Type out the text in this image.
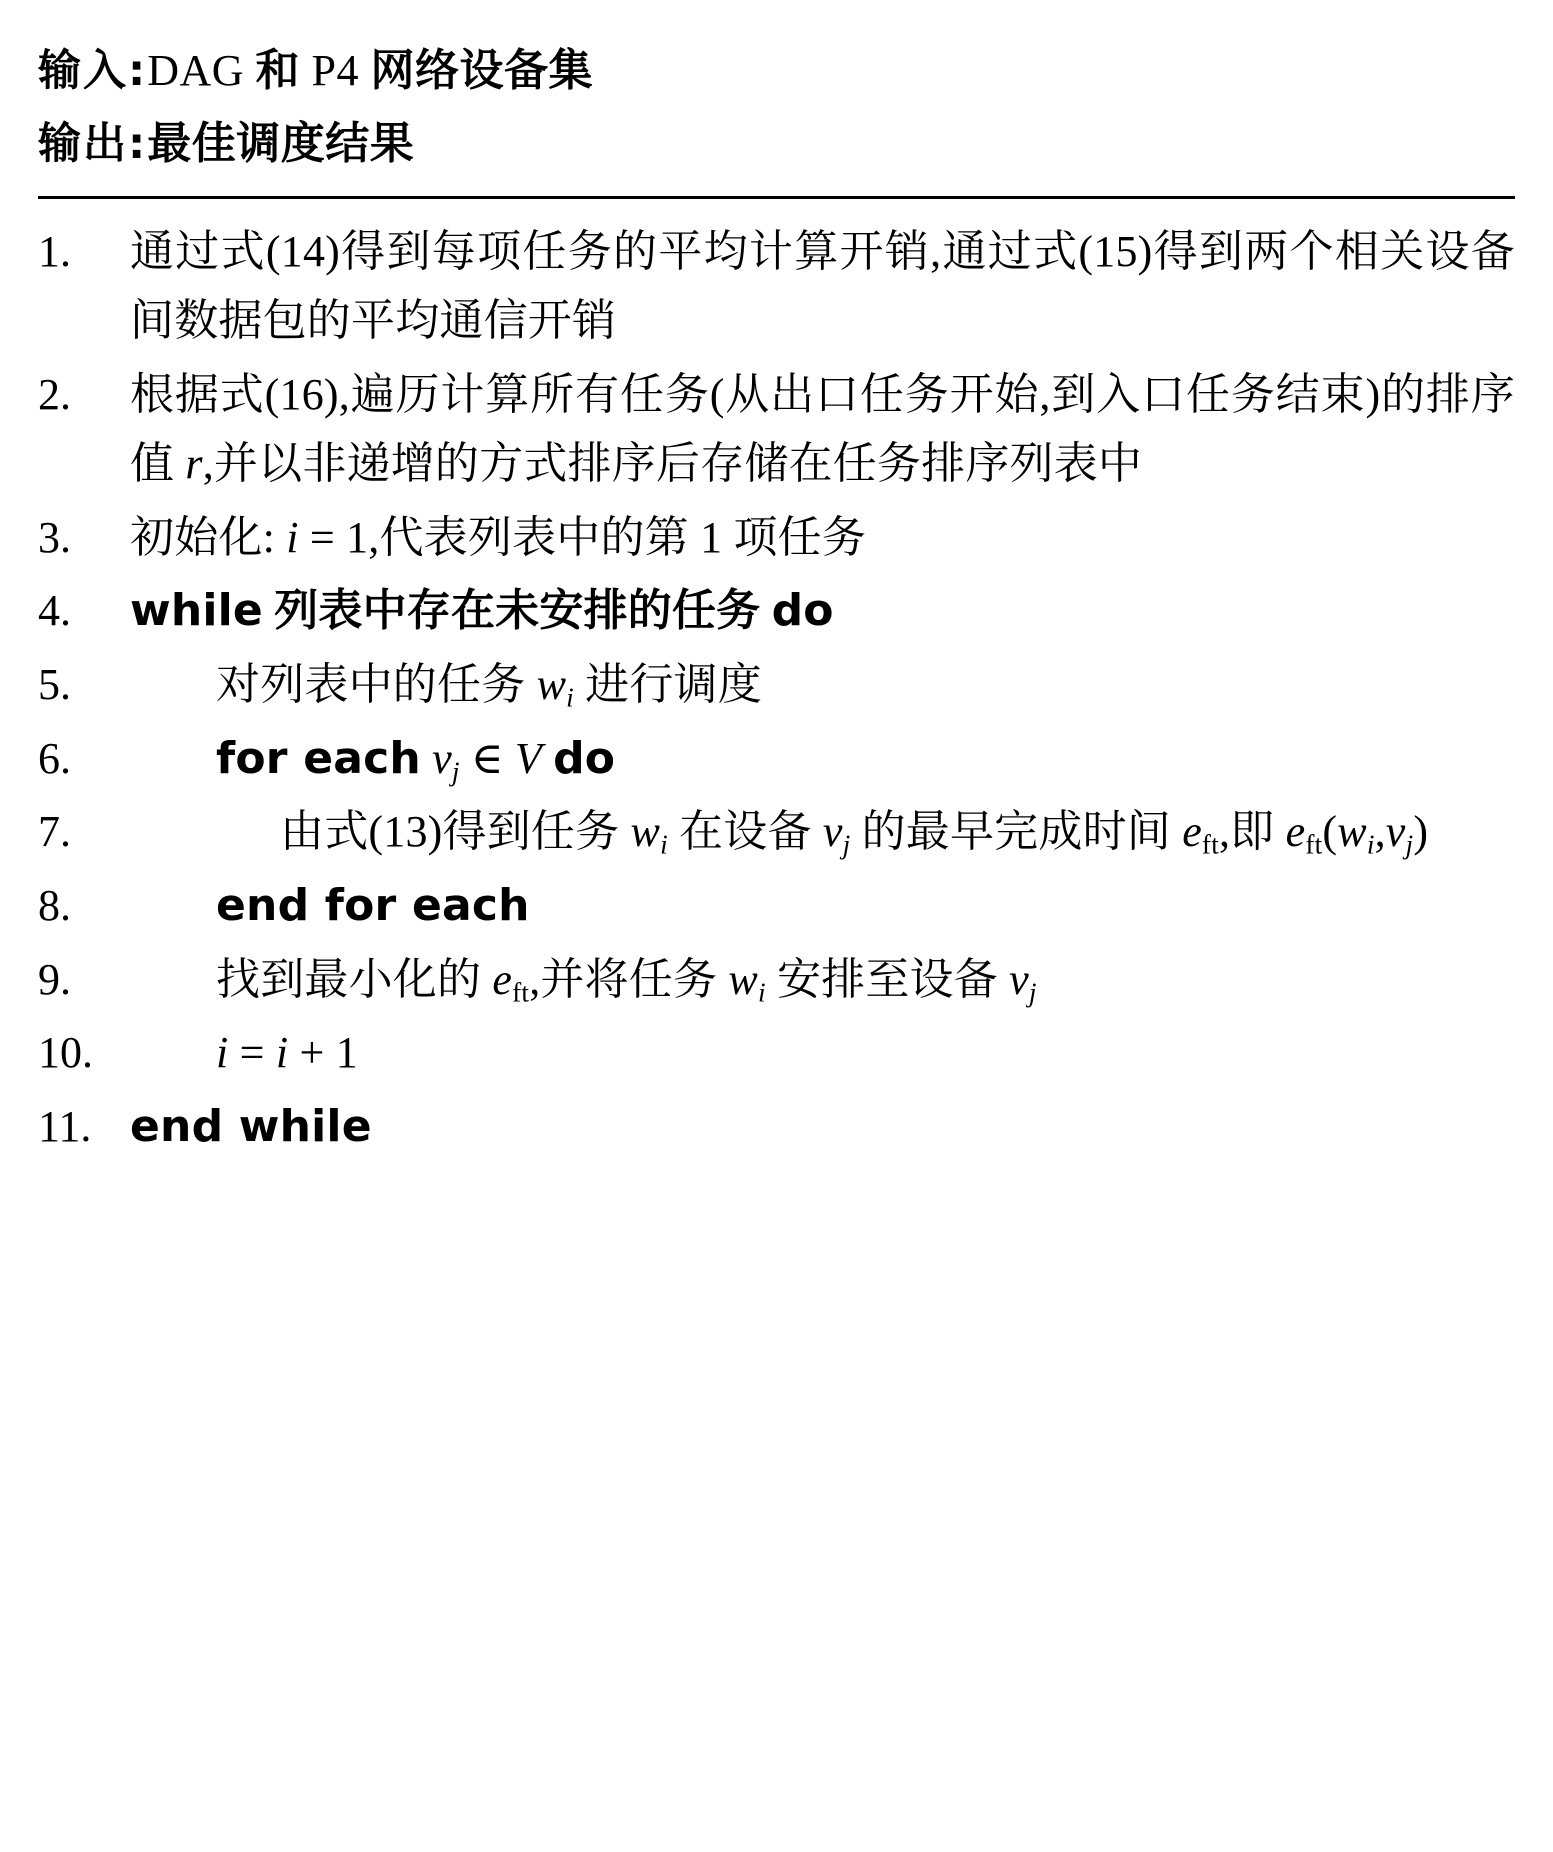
输入:DAG 和 P4 网络设备集
输出:最佳调度结果
1.	通过式(14)得到每项任务的平均计算开销,通过式(15)得到两个相关设备间数据包的平均通信开销
2.	根据式(16),遍历计算所有任务(从出口任务开始,到入口任务结束)的排序值 r,并以非递增的方式排序后存储在任务排序列表中
3.	初始化: i = 1,代表列表中的第 1 项任务
4.	while 列表中存在未安排的任务 do
5.	对列表中的任务 wi 进行调度
6.	for each vj ∈ V do
7.	由式(13)得到任务 wi 在设备 vj 的最早完成时间 $e_{ft}$,即 $e_{ft}(wi,vj)$
8.	end for each
9.	找到最小化的 $e_{ft}$,并将任务 wi 安排至设备 vj
10.	i = i + 1
11. end while
